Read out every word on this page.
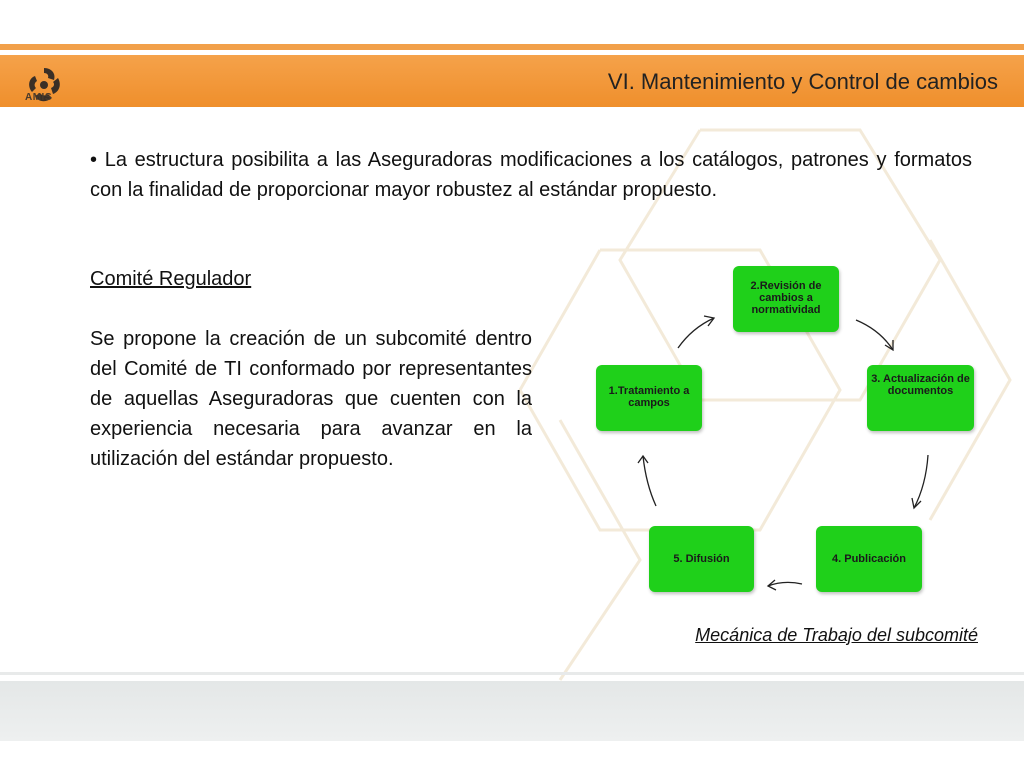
AMIS
VI. Mantenimiento y Control de cambios
• La estructura posibilita a las Aseguradoras modificaciones a los catálogos, patrones y formatos con la finalidad de proporcionar mayor robustez al estándar propuesto.
Comité Regulador
Se propone la creación de un subcomité dentro del Comité de TI conformado por representantes de aquellas Aseguradoras que cuenten con la experiencia necesaria para avanzar en la utilización del estándar propuesto.
2.Revisión de cambios a normatividad
3. Actualización de documentos
1.Tratamiento a campos
5. Difusión	4. Publicación
Mecánica de Trabajo del subcomité
